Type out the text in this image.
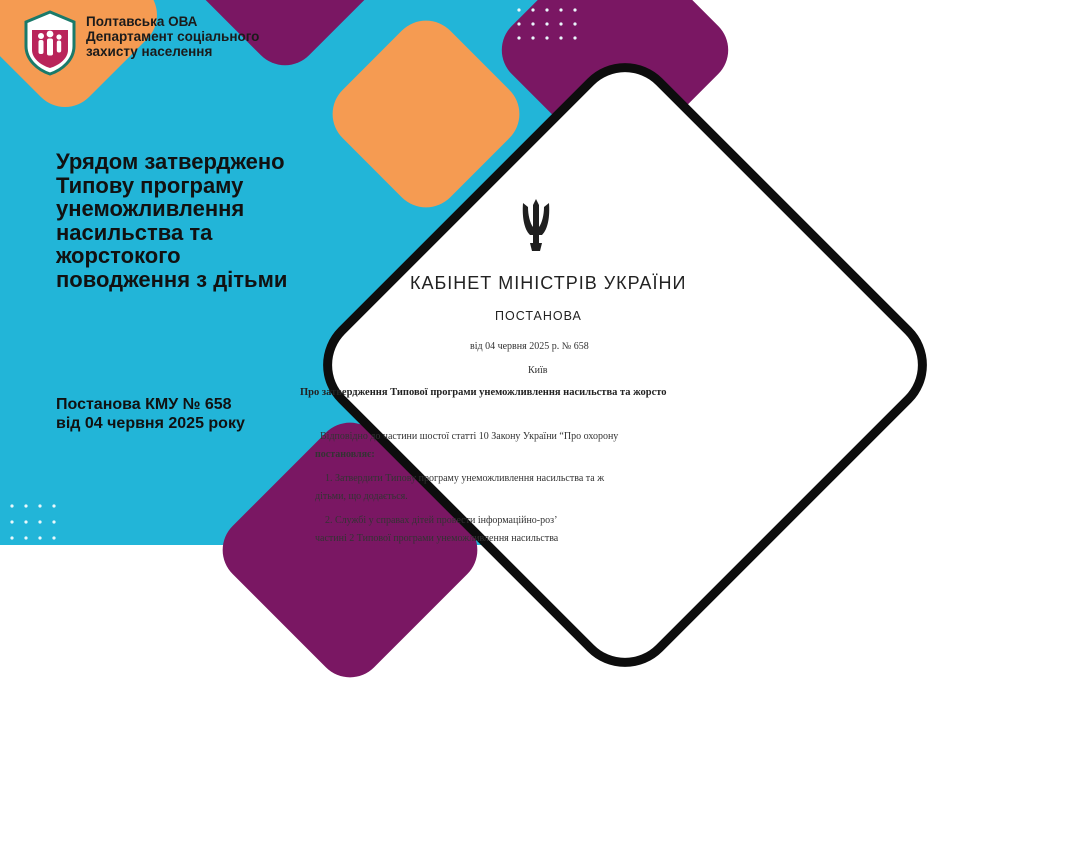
Полтавська ОВА
Департамент соціального
захисту населення
Урядом затверджено
Типову програму
унеможливлення
насильства та
жорстокого
поводження з дітьми
Постанова КМУ № 658
від 04 червня 2025 року
КАБІНЕТ МІНІСТРІВ УКРАЇНИ
ПОСТАНОВА
від 04 червня 2025 р. № 658
Київ
Про затвердження Типової програми унеможливлення насильства та жорсто
Відповідно до частини шостої статті 10 Закону України “Про охорону
постановляє:
1. Затвердити Типову програму унеможливлення насильства та ж
дітьми, що додається.
2. Службі у справах дітей провести інформаційно-роз’
частині 2 Типової програми унеможливлення насильства
